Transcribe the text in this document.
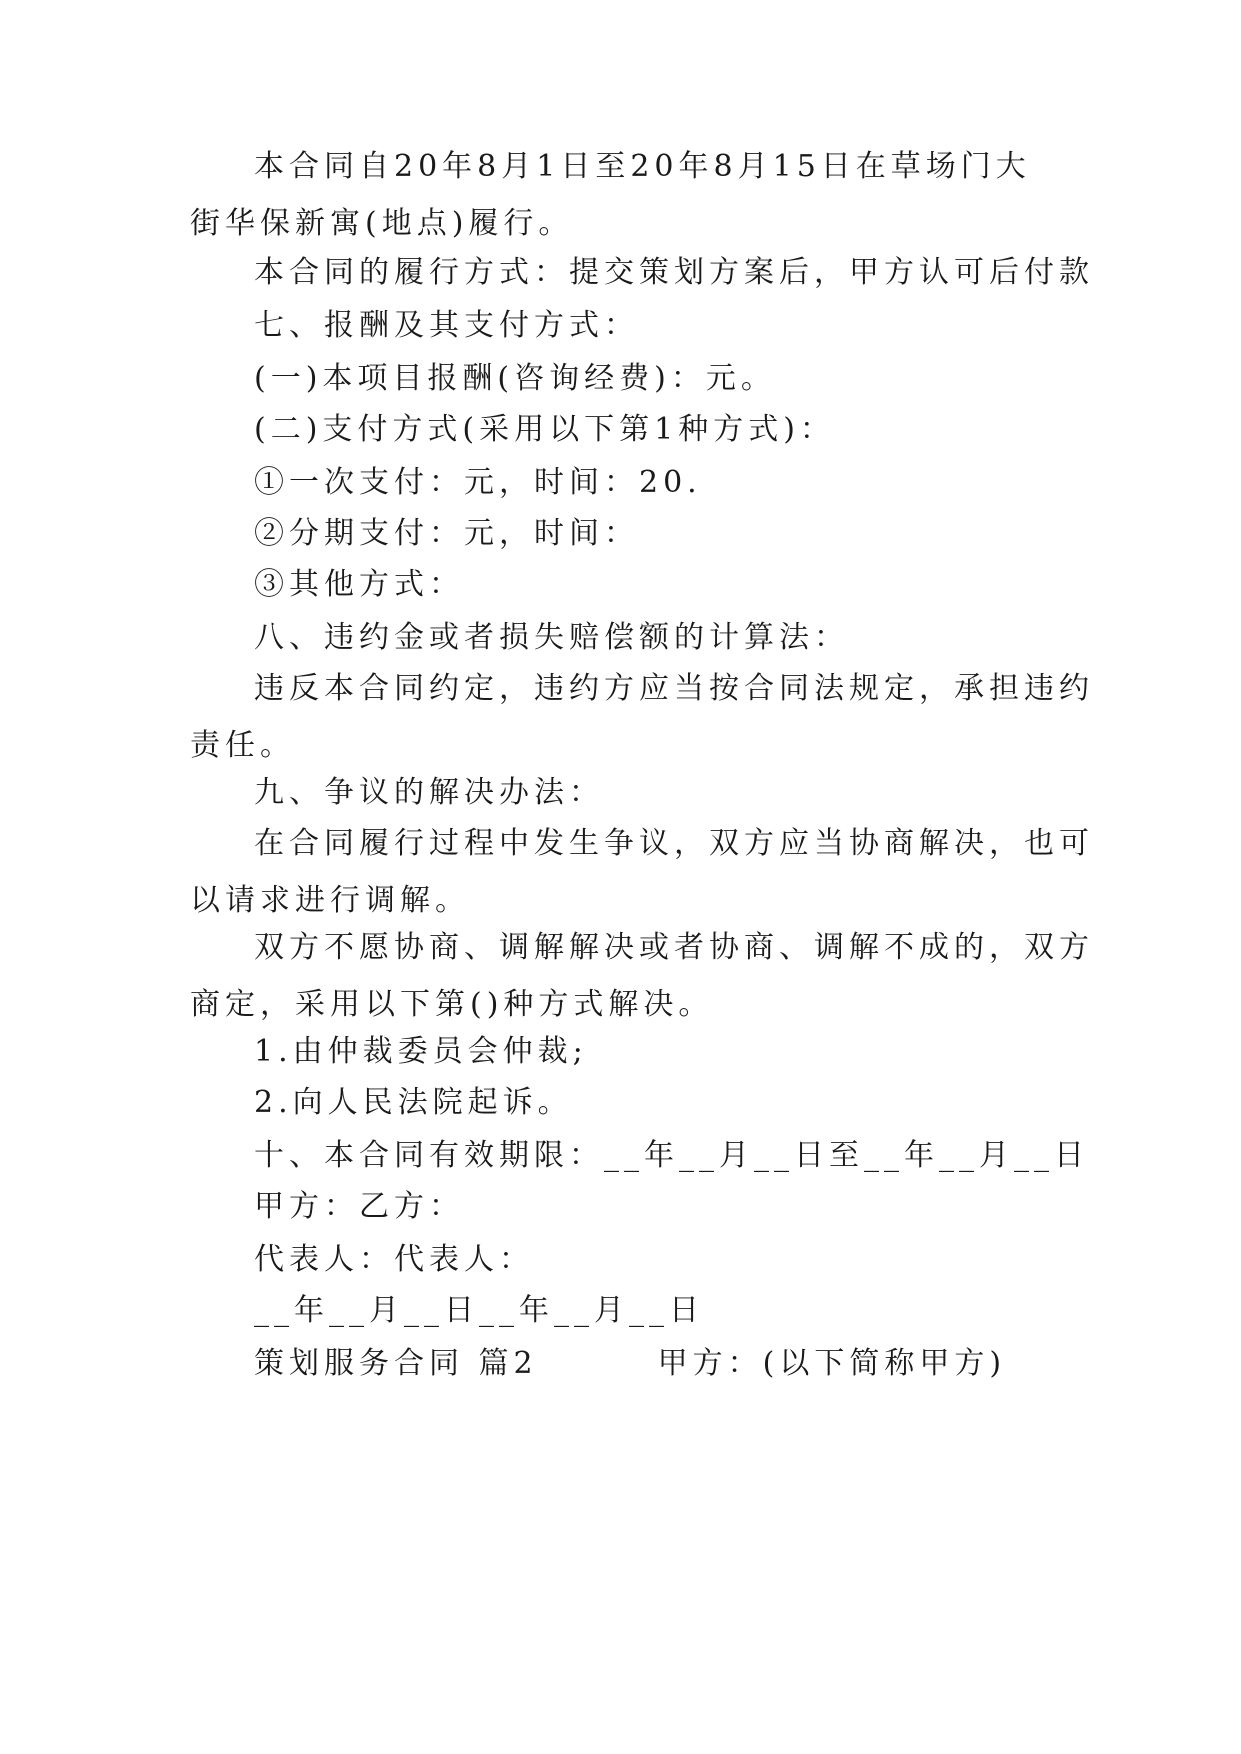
本合同自20年8月1日至20年8月15日在草场门大
街华保新寓(地点)履行。

本合同的履行方式：提交策划方案后，甲方认可后付款

七、报酬及其支付方式：

(一)本项目报酬(咨询经费)：元。

(二)支付方式(采用以下第1种方式)：

①一次支付：元，时间：20.

②分期支付：元，时间：

③其他方式：

八、违约金或者损失赔偿额的计算法：

违反本合同约定，违约方应当按合同法规定，承担违约
责任。

九、争议的解决办法：

在合同履行过程中发生争议，双方应当协商解决，也可
以请求进行调解。

双方不愿协商、调解解决或者协商、调解不成的，双方
商定，采用以下第()种方式解决。

1.由仲裁委员会仲裁;

2.向人民法院起诉。

十、本合同有效期限：__年__月__日至__年__月__日

甲方：乙方：

代表人：代表人：

__年__月__日__年__月__日

策划服务合同 篇2	甲方：(以下简称甲方)
